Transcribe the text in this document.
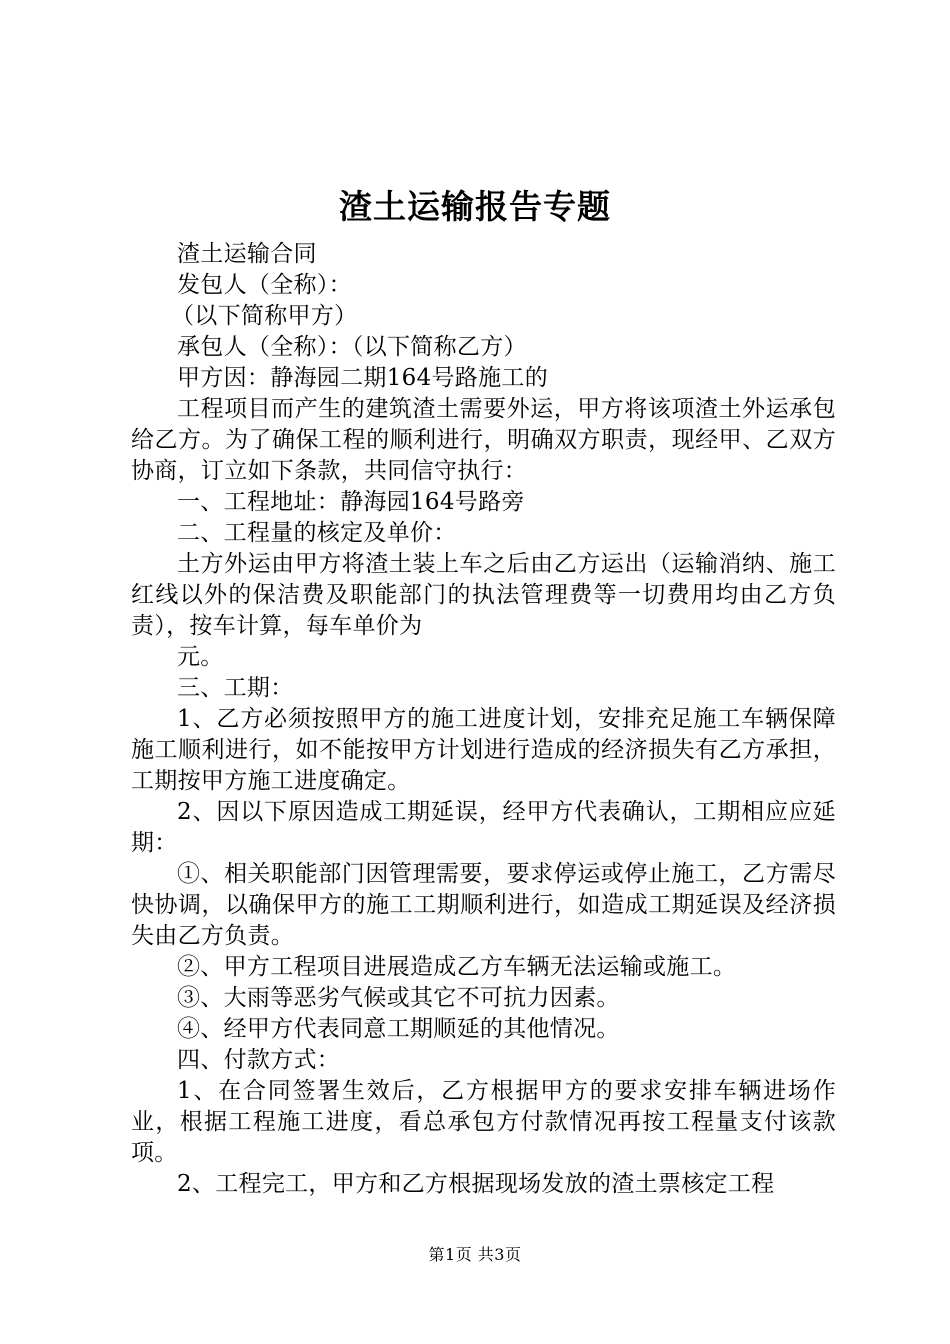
渣土运输报告专题

渣土运输合同

发包人（全称）：

（以下简称甲方）

承包人（全称）：（以下简称乙方）

甲方因：静海园二期164号路施工的

工程项目而产生的建筑渣土需要外运，甲方将该项渣土外运承包给乙方。为了确保工程的顺利进行，明确双方职责，现经甲、乙双方协商，订立如下条款，共同信守执行：

一、工程地址：静海园164号路旁

二、工程量的核定及单价：

土方外运由甲方将渣土装上车之后由乙方运出（运输消纳、施工红线以外的保洁费及职能部门的执法管理费等一切费用均由乙方负责），按车计算，每车单价为

元。

三、工期：

1、乙方必须按照甲方的施工进度计划，安排充足施工车辆保障施工顺利进行，如不能按甲方计划进行造成的经济损失有乙方承担，工期按甲方施工进度确定。

2、因以下原因造成工期延误，经甲方代表确认，工期相应应延期：

①、相关职能部门因管理需要，要求停运或停止施工，乙方需尽快协调，以确保甲方的施工工期顺利进行，如造成工期延误及经济损失由乙方负责。

②、甲方工程项目进展造成乙方车辆无法运输或施工。

③、大雨等恶劣气候或其它不可抗力因素。

④、经甲方代表同意工期顺延的其他情况。

四、付款方式：

1、在合同签署生效后，乙方根据甲方的要求安排车辆进场作业，根据工程施工进度，看总承包方付款情况再按工程量支付该款项。

2、工程完工，甲方和乙方根据现场发放的渣土票核定工程

第1页 共3页
